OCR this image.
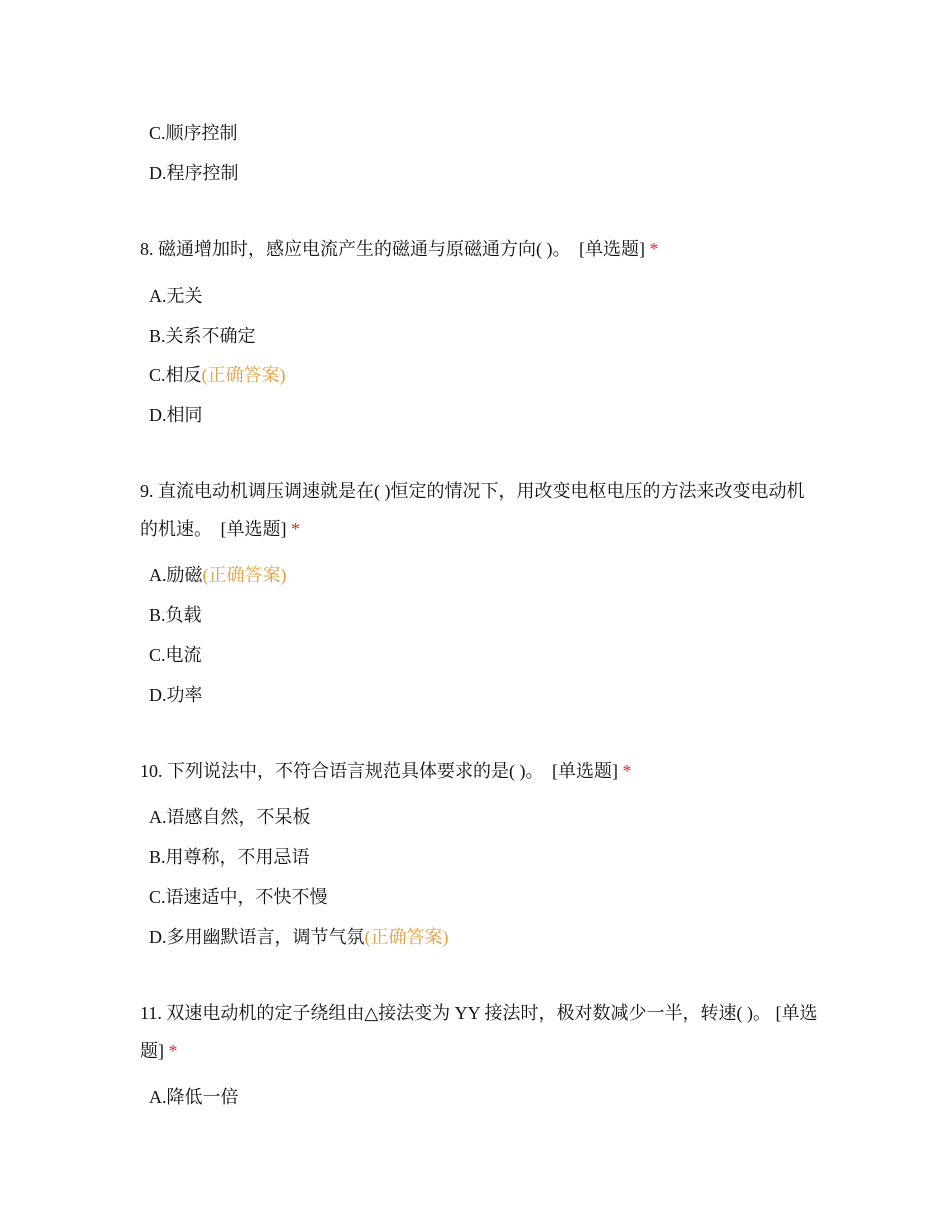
C.顺序控制
D.程序控制
8. 磁通增加时，感应电流产生的磁通与原磁通方向( )。 [单选题] *
A.无关
B.关系不确定
C.相反(正确答案)
D.相同
9. 直流电动机调压调速就是在( )恒定的情况下，用改变电枢电压的方法来改变电动机的机速。 [单选题] *
A.励磁(正确答案)
B.负载
C.电流
D.功率
10. 下列说法中，不符合语言规范具体要求的是( )。 [单选题] *
A.语感自然，不呆板
B.用尊称，不用忌语
C.语速适中，不快不慢
D.多用幽默语言，调节气氛(正确答案)
11. 双速电动机的定子绕组由△接法变为 YY 接法时，极对数减少一半，转速( )。 [单选题] *
A.降低一倍
